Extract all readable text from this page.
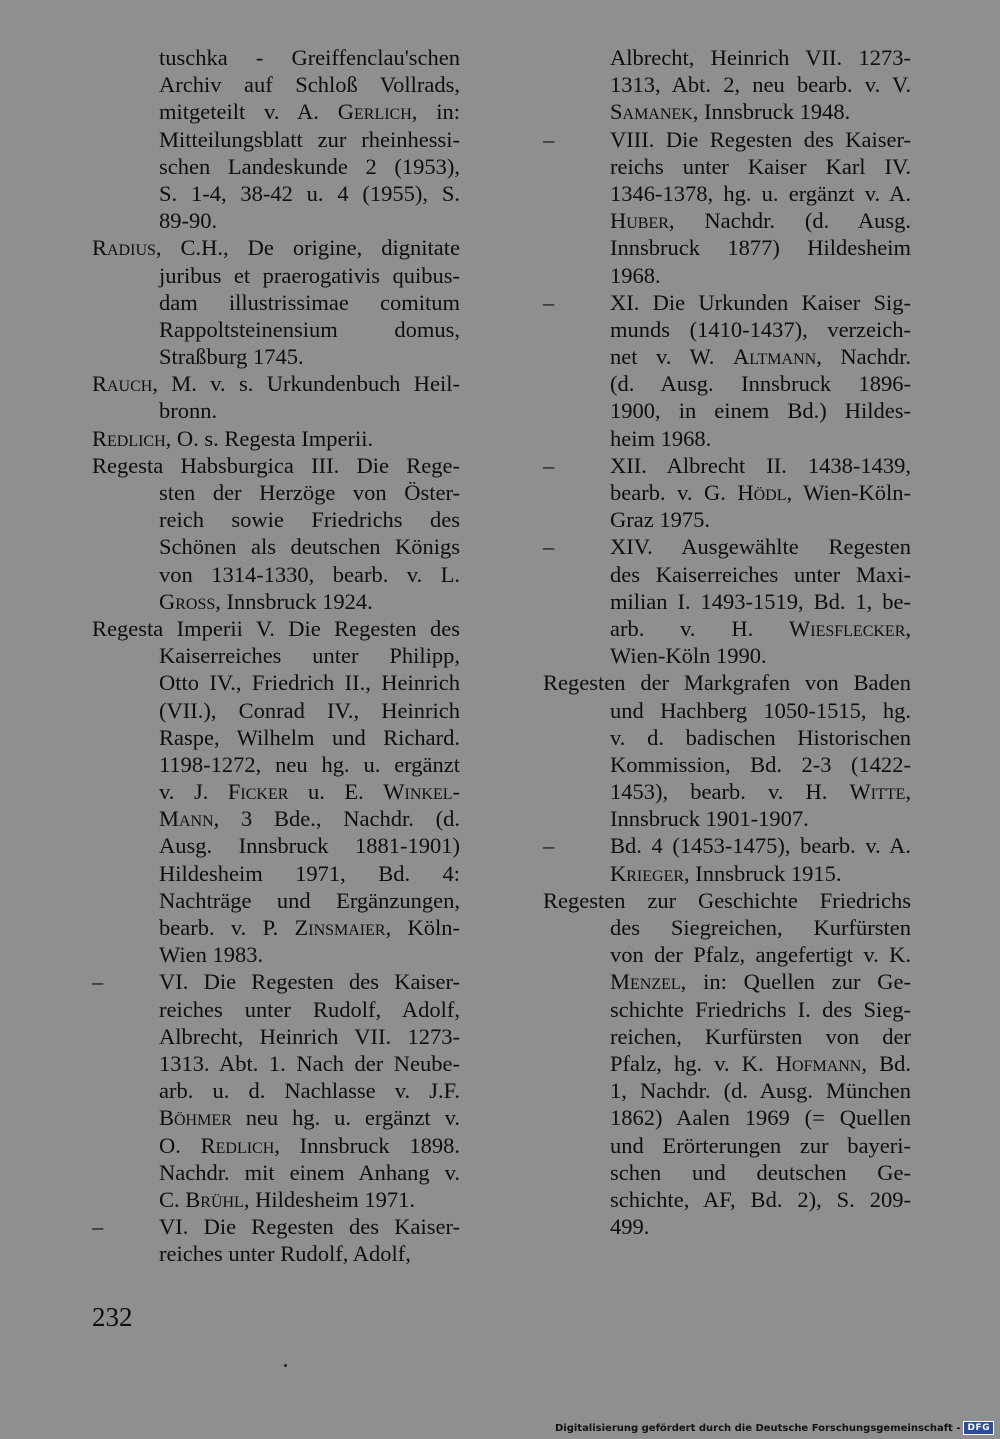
tuschka - Greiffenclau'schen
Archiv auf Schloß Vollrads,
mitgeteilt v. A. Gerlich, in:
Mitteilungsblatt zur rheinhessi-
schen Landeskunde 2 (1953),
S. 1-4, 38-42 u. 4 (1955), S.
89-90.
Radius, C.H., De origine, dignitate
juribus et praerogativis quibus-
dam illustrissimae comitum
Rappoltsteinensium domus,
Straßburg 1745.
Rauch, M. v. s. Urkundenbuch Heil-
bronn.
Redlich, O. s. Regesta Imperii.
Regesta Habsburgica III. Die Rege-
sten der Herzöge von Öster-
reich sowie Friedrichs des
Schönen als deutschen Königs
von 1314-1330, bearb. v. L.
Gross, Innsbruck 1924.
Regesta Imperii V. Die Regesten des
Kaiserreiches unter Philipp,
Otto IV., Friedrich II., Heinrich
(VII.), Conrad IV., Heinrich
Raspe, Wilhelm und Richard.
1198-1272, neu hg. u. ergänzt
v. J. Ficker u. E. Winkel-
Mann, 3 Bde., Nachdr. (d.
Ausg. Innsbruck 1881-1901)
Hildesheim 1971, Bd. 4:
Nachträge und Ergänzungen,
bearb. v. P. Zinsmaier, Köln-
Wien 1983.
–	VI. Die Regesten des Kaiser-
reiches unter Rudolf, Adolf,
Albrecht, Heinrich VII. 1273-
1313. Abt. 1. Nach der Neube-
arb. u. d. Nachlasse v. J.F.
Böhmer neu hg. u. ergänzt v.
O. Redlich, Innsbruck 1898.
Nachdr. mit einem Anhang v.
C. Brühl, Hildesheim 1971.
–	VI. Die Regesten des Kaiser-
reiches unter Rudolf, Adolf,
Albrecht, Heinrich VII. 1273-
1313, Abt. 2, neu bearb. v. V.
Samanek, Innsbruck 1948.
–	VIII. Die Regesten des Kaiser-
reichs unter Kaiser Karl IV.
1346-1378, hg. u. ergänzt v. A.
Huber, Nachdr. (d. Ausg.
Innsbruck 1877) Hildesheim
1968.
–	XI. Die Urkunden Kaiser Sig-
munds (1410-1437), verzeich-
net v. W. Altmann, Nachdr.
(d. Ausg. Innsbruck 1896-
1900, in einem Bd.) Hildes-
heim 1968.
–	XII. Albrecht II. 1438-1439,
bearb. v. G. Hödl, Wien-Köln-
Graz 1975.
–	XIV. Ausgewählte Regesten
des Kaiserreiches unter Maxi-
milian I. 1493-1519, Bd. 1, be-
arb. v. H. Wiesflecker,
Wien-Köln 1990.
Regesten der Markgrafen von Baden
und Hachberg 1050-1515, hg.
v. d. badischen Historischen
Kommission, Bd. 2-3 (1422-
1453), bearb. v. H. Witte,
Innsbruck 1901-1907.
–	Bd. 4 (1453-1475), bearb. v. A.
Krieger, Innsbruck 1915.
Regesten zur Geschichte Friedrichs
des Siegreichen, Kurfürsten
von der Pfalz, angefertigt v. K.
Menzel, in: Quellen zur Ge-
schichte Friedrichs I. des Sieg-
reichen, Kurfürsten von der
Pfalz, hg. v. K. Hofmann, Bd.
1, Nachdr. (d. Ausg. München
1862) Aalen 1969 (= Quellen
und Erörterungen zur bayeri-
schen und deutschen Ge-
schichte, AF, Bd. 2), S. 209-
499.
232
Digitalisierung gefördert durch die Deutsche Forschungsgemeinschaft - DFG
